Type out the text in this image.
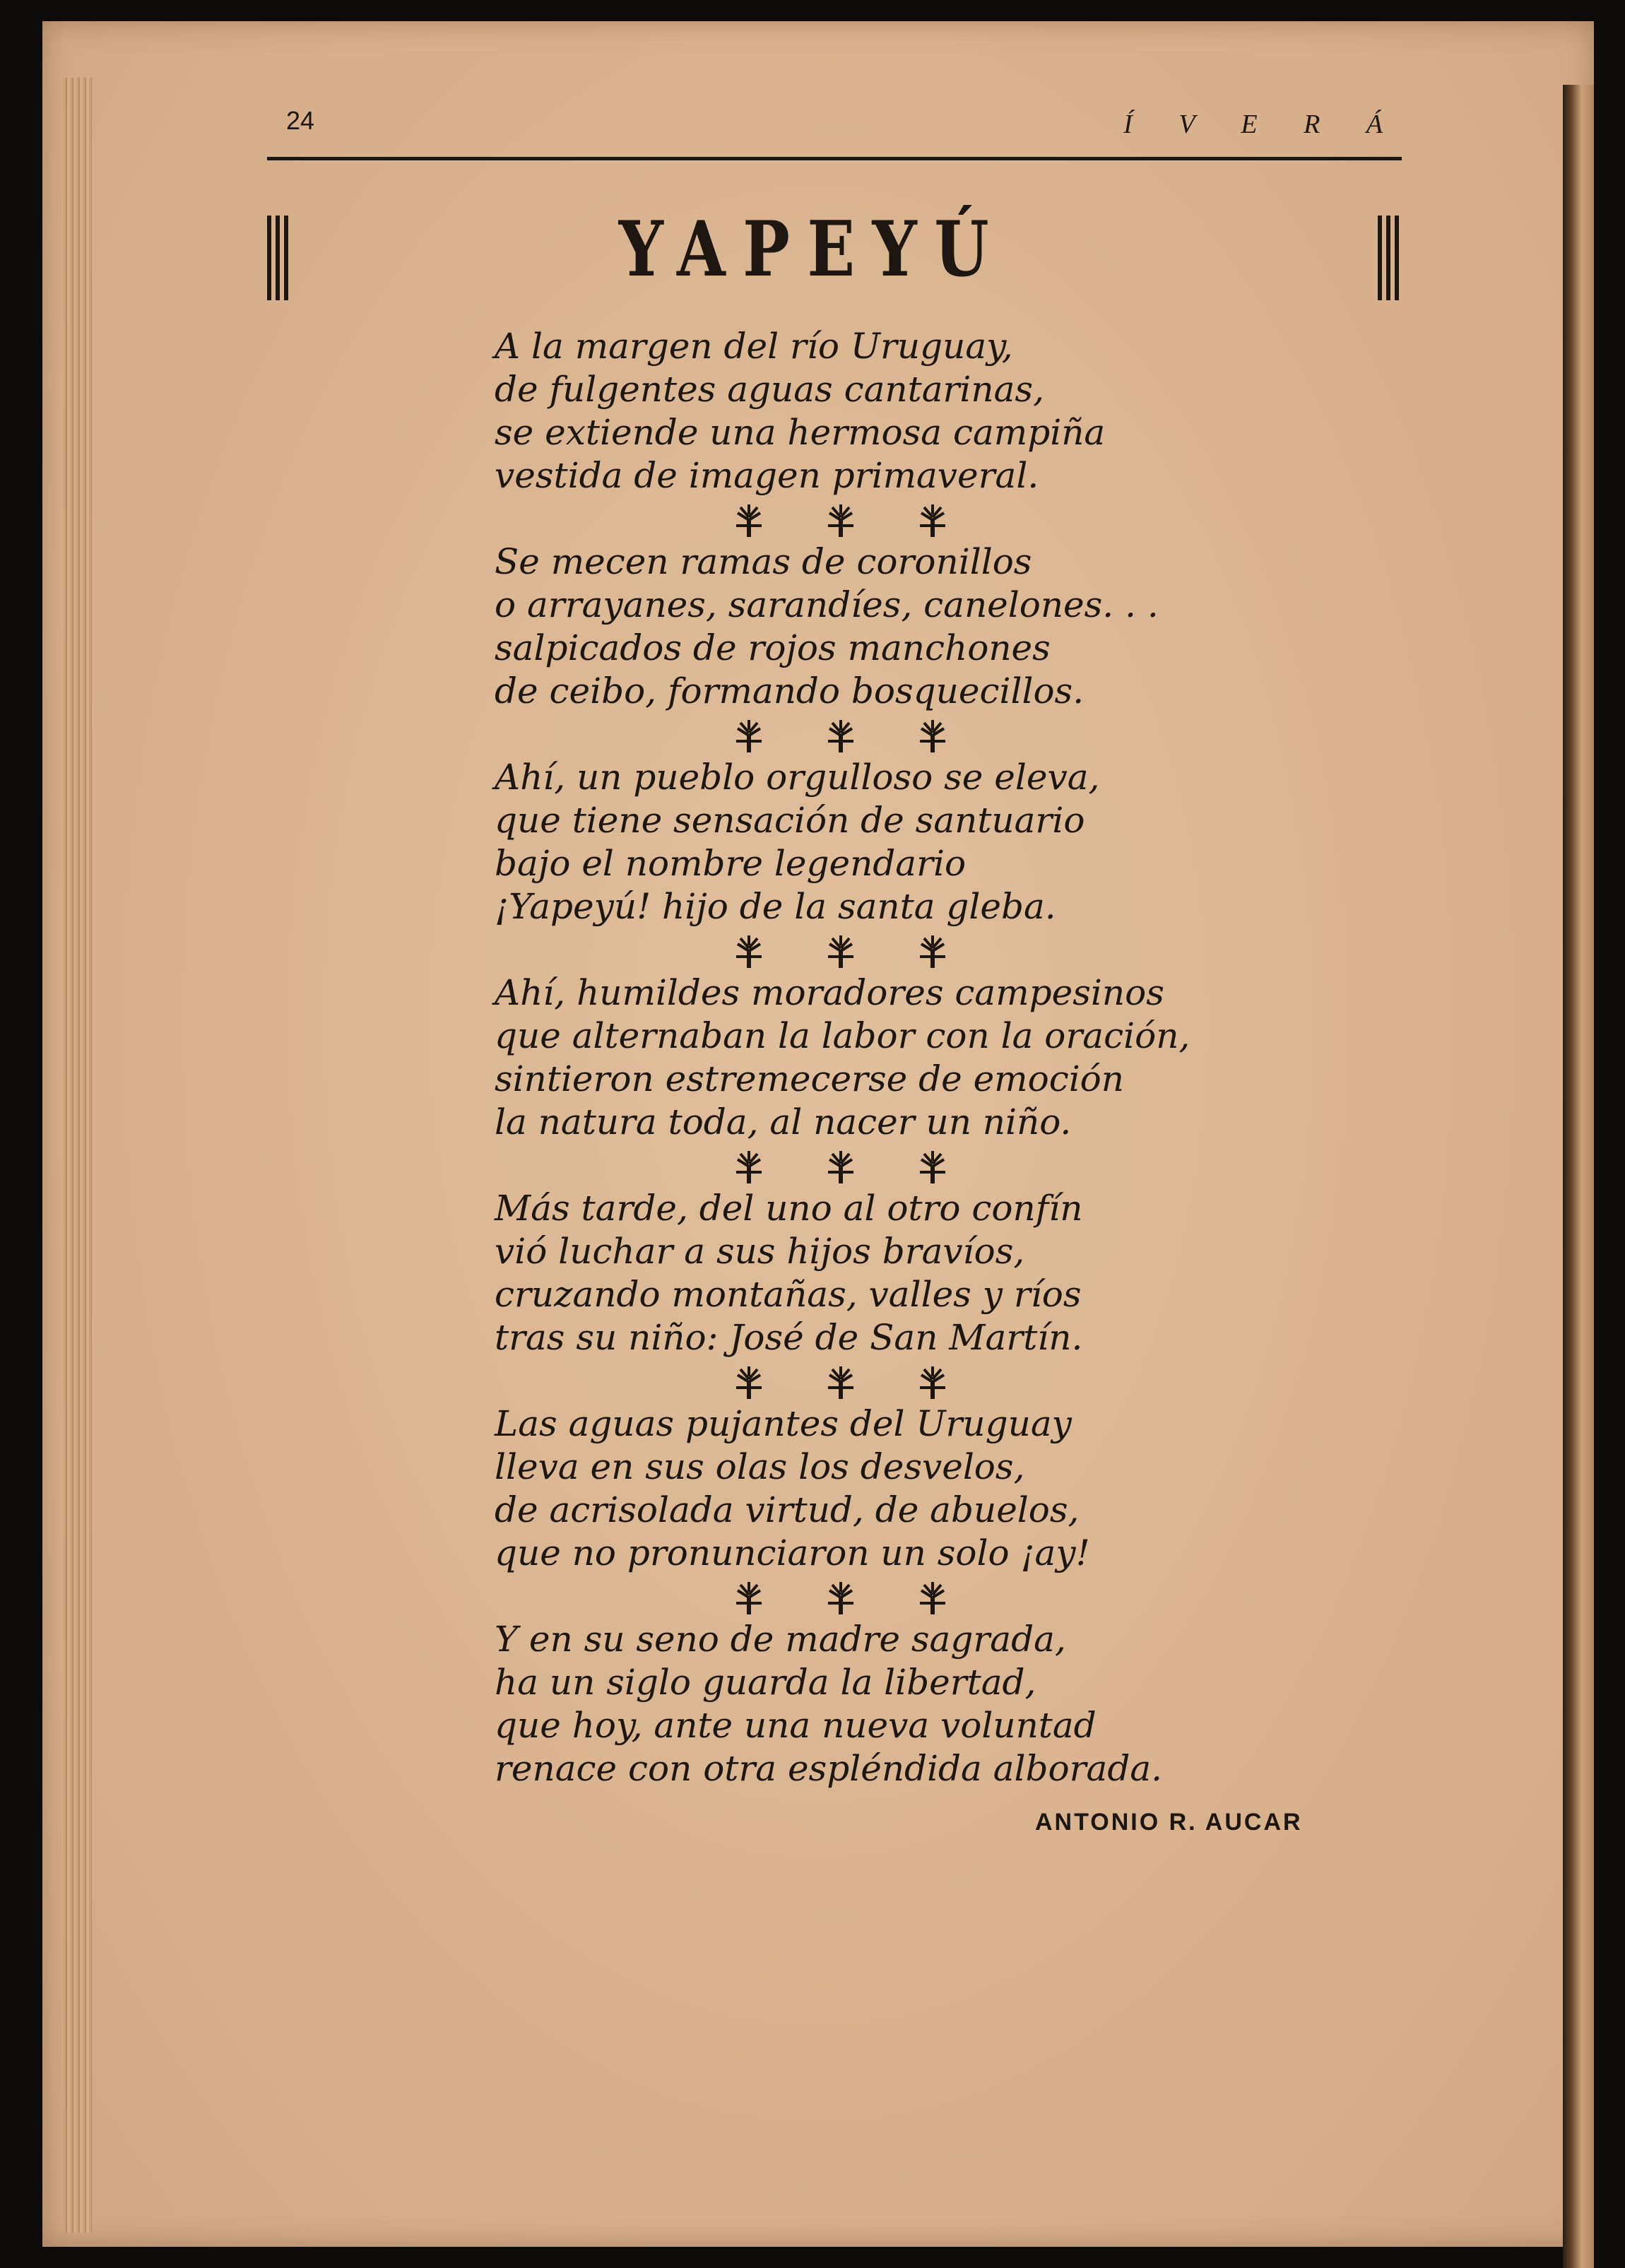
24	Í V E R Á
YAPEYÚ
A la margen del río Uruguay,
de fulgentes aguas cantarinas,
se extiende una hermosa campiña
vestida de imagen primaveral.
Se mecen ramas de coronillos
o arrayanes, sarandíes, canelones. . .
salpicados de rojos manchones
de ceibo, formando bosquecillos.
Ahí, un pueblo orgulloso se eleva,
que tiene sensación de santuario
bajo el nombre legendario
¡Yapeyú! hijo de la santa gleba.
Ahí, humildes moradores campesinos
que alternaban la labor con la oración,
sintieron estremecerse de emoción
la natura toda, al nacer un niño.
Más tarde, del uno al otro confín
vió luchar a sus hijos bravíos,
cruzando montañas, valles y ríos
tras su niño: José de San Martín.
Las aguas pujantes del Uruguay
lleva en sus olas los desvelos,
de acrisolada virtud, de abuelos,
que no pronunciaron un solo ¡ay!
Y en su seno de madre sagrada,
ha un siglo guarda la libertad,
que hoy, ante una nueva voluntad
renace con otra espléndida alborada.
ANTONIO R. AUCAR
